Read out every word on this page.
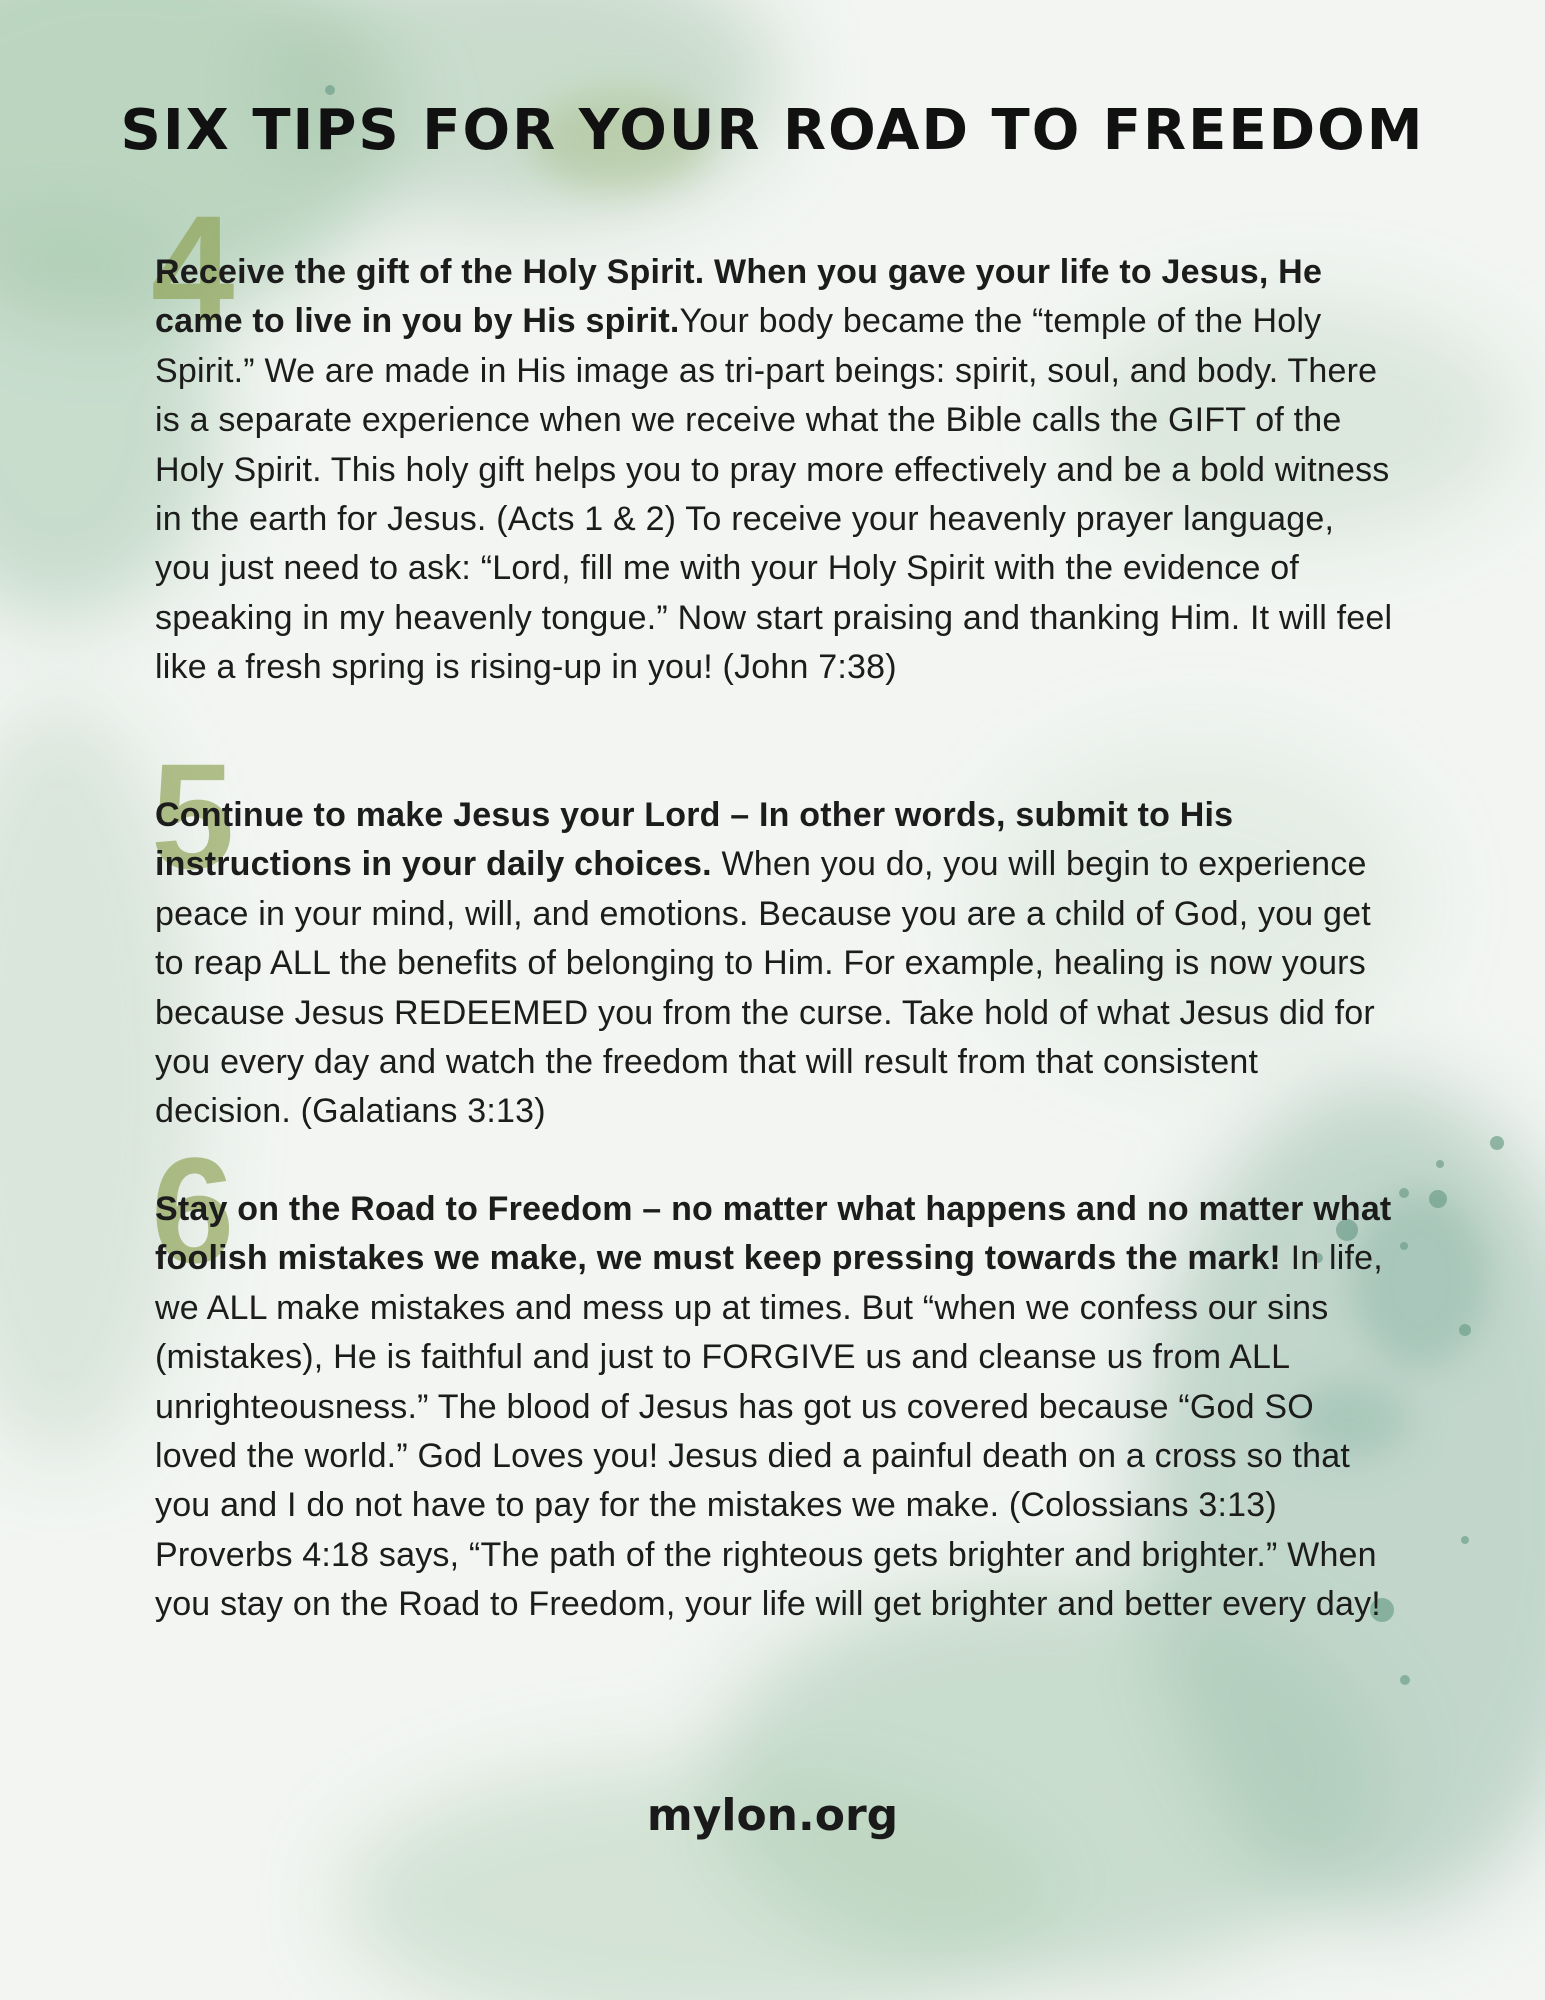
SIX TIPS FOR YOUR ROAD TO FREEDOM
4

Receive the gift of the Holy Spirit. When you gave your life to Jesus, He came to live in you by His spirit.Your body became the “temple of the Holy Spirit.” We are made in His image as tri-part beings: spirit, soul, and body. There is a separate experience when we receive what the Bible calls the GIFT of the Holy Spirit. This holy gift helps you to pray more effectively and be a bold witness in the earth for Jesus. (Acts 1 & 2) To receive your heavenly prayer language, you just need to ask: “Lord, fill me with your Holy Spirit with the evidence of speaking in my heavenly tongue.” Now start praising and thanking Him. It will feel like a fresh spring is rising-up in you! (John 7:38)

5

Continue to make Jesus your Lord – In other words, submit to His instructions in your daily choices. When you do, you will begin to experience peace in your mind, will, and emotions. Because you are a child of God, you get to reap ALL the benefits of belonging to Him. For example, healing is now yours because Jesus REDEEMED you from the curse. Take hold of what Jesus did for you every day and watch the freedom that will result from that consistent decision. (Galatians 3:13)

6

Stay on the Road to Freedom – no matter what happens and no matter what foolish mistakes we make, we must keep pressing towards the mark! In life, we ALL make mistakes and mess up at times. But “when we confess our sins (mistakes), He is faithful and just to FORGIVE us and cleanse us from ALL unrighteousness.” The blood of Jesus has got us covered because “God SO loved the world.” God Loves you! Jesus died a painful death on a cross so that you and I do not have to pay for the mistakes we make. (Colossians 3:13) Proverbs 4:18 says, “The path of the righteous gets brighter and brighter.” When you stay on the Road to Freedom, your life will get brighter and better every day!

mylon.org
